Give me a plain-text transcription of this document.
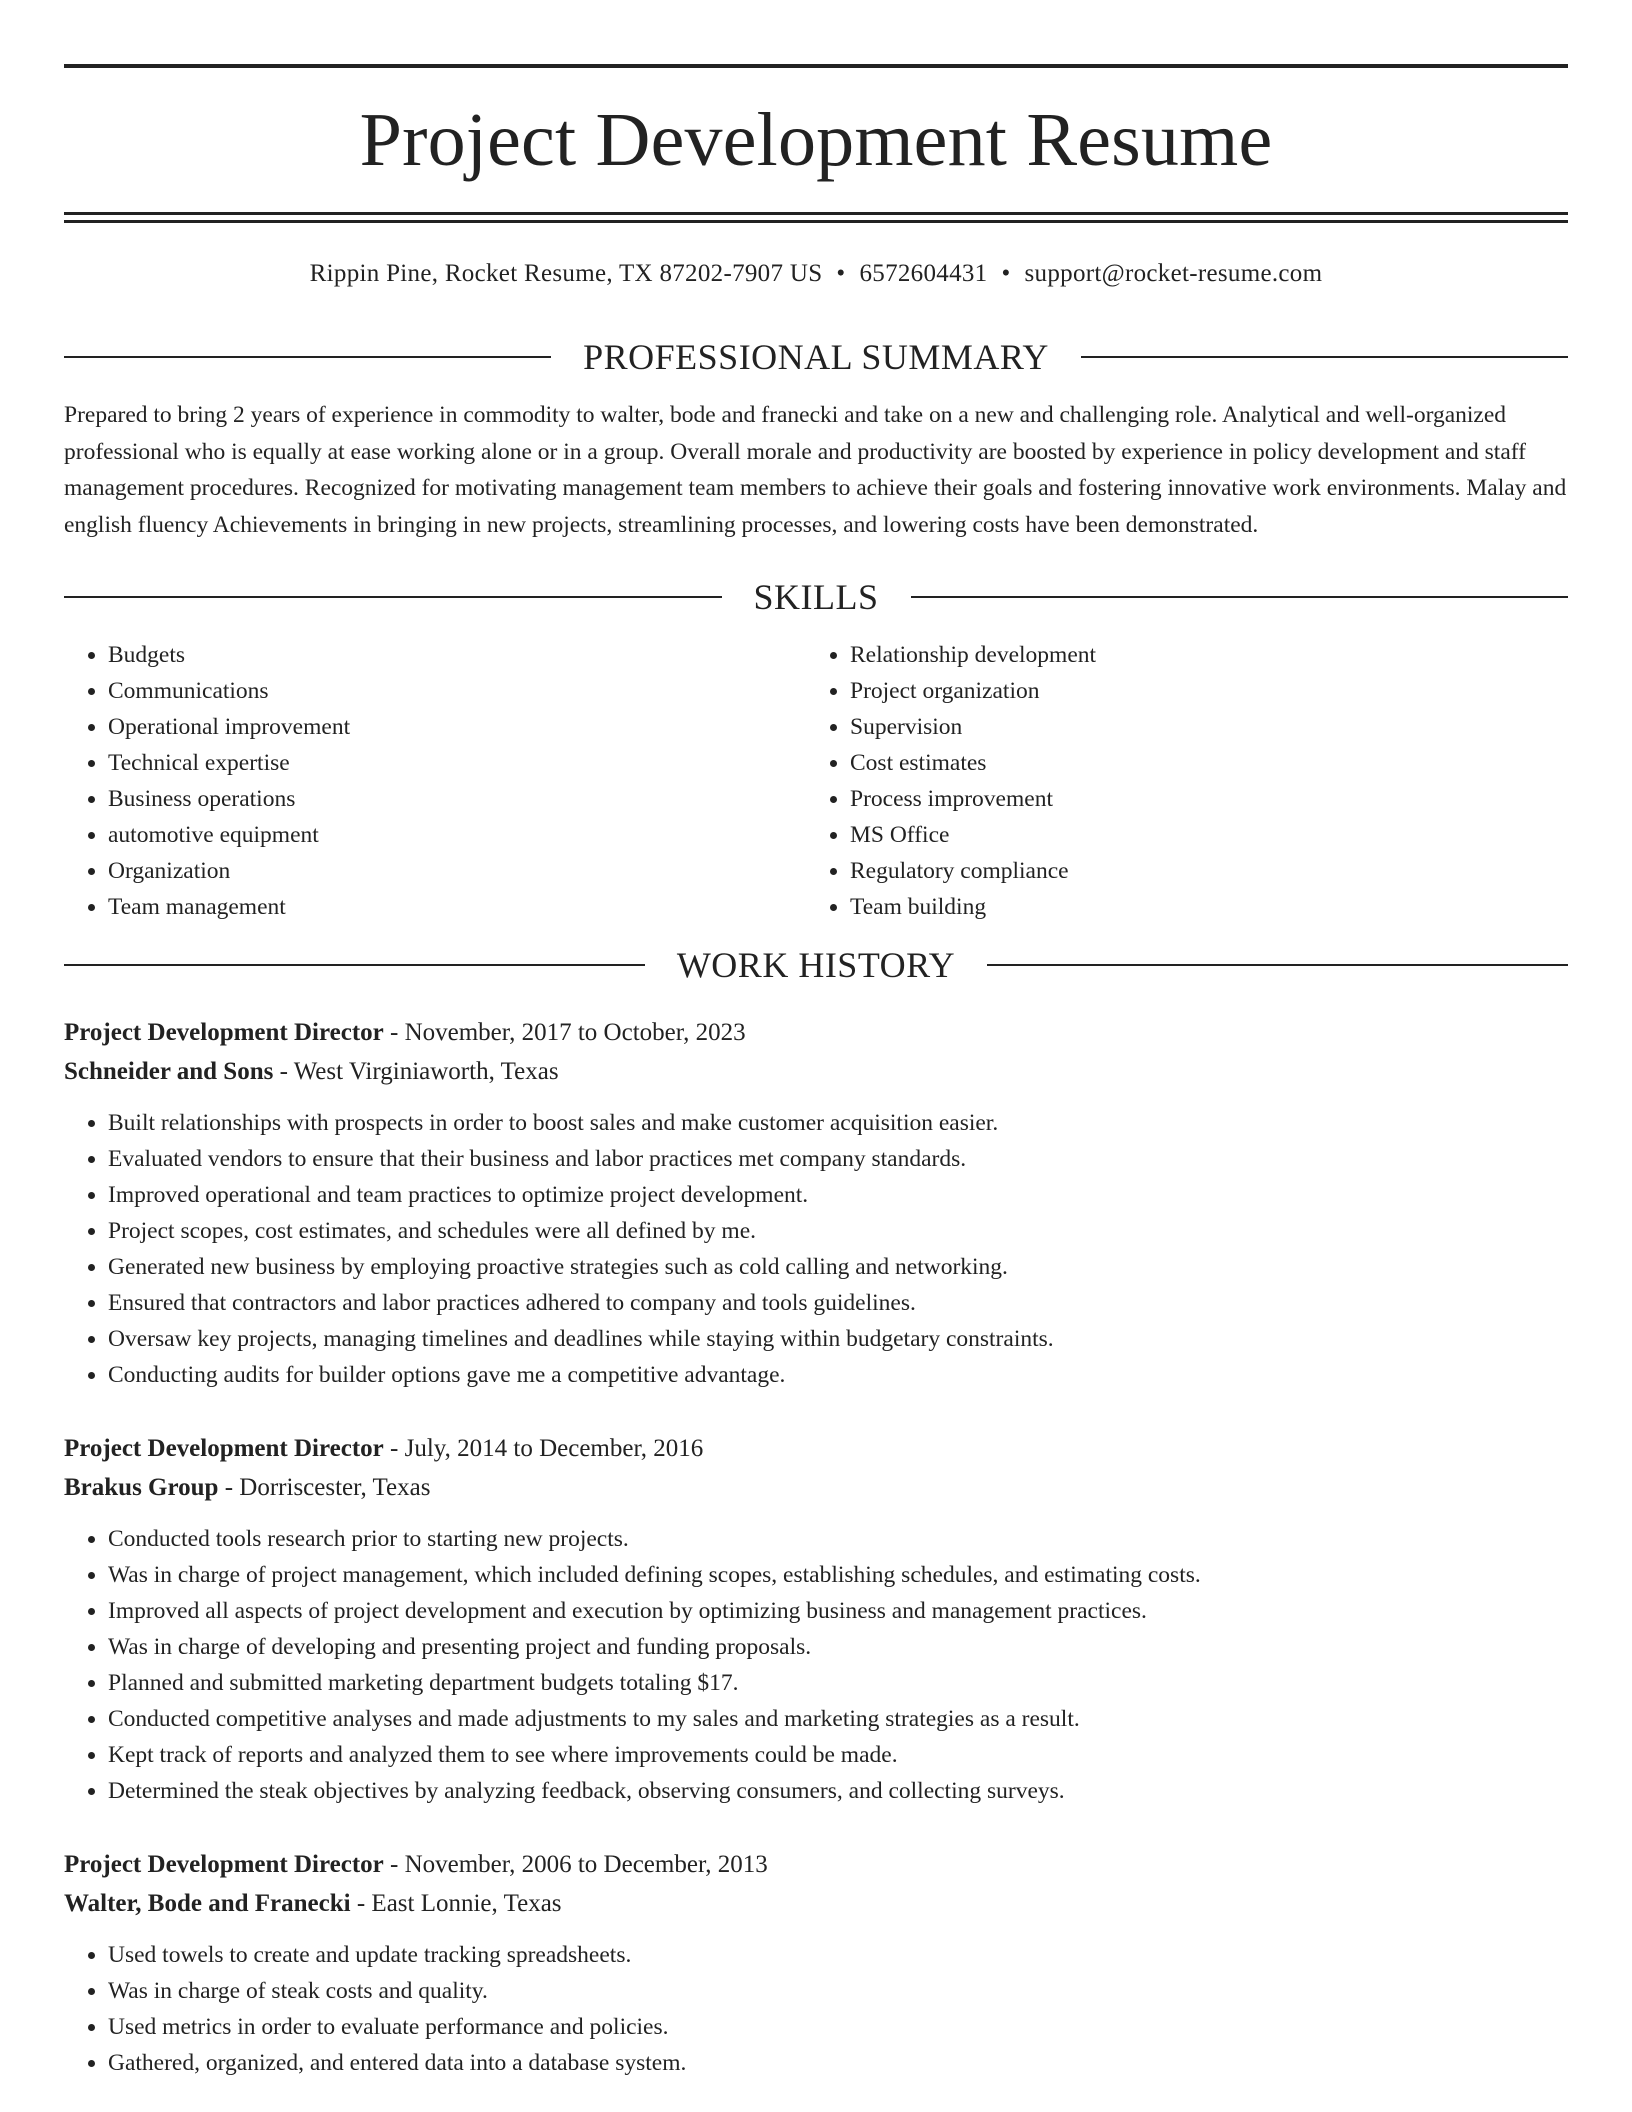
Project Development Resume
Rippin Pine, Rocket Resume, TX 87202-7907 US • 6572604431 • support@rocket-resume.com
PROFESSIONAL SUMMARY

Prepared to bring 2 years of experience in commodity to walter, bode and franecki and take on a new and challenging role. Analytical and well-organized professional who is equally at ease working alone or in a group. Overall morale and productivity are boosted by experience in policy development and staff management procedures. Recognized for motivating management team members to achieve their goals and fostering innovative work environments. Malay and english fluency Achievements in bringing in new projects, streamlining processes, and lowering costs have been demonstrated.

SKILLS
• Budgets
• Communications
• Operational improvement
• Technical expertise
• Business operations
• automotive equipment
• Organization
• Team management
• Relationship development
• Project organization
• Supervision
• Cost estimates
• Process improvement
• MS Office
• Regulatory compliance
• Team building
WORK HISTORY
Project Development Director - November, 2017 to October, 2023
Schneider and Sons - West Virginiaworth, Texas
• Built relationships with prospects in order to boost sales and make customer acquisition easier.
• Evaluated vendors to ensure that their business and labor practices met company standards.
• Improved operational and team practices to optimize project development.
• Project scopes, cost estimates, and schedules were all defined by me.
• Generated new business by employing proactive strategies such as cold calling and networking.
• Ensured that contractors and labor practices adhered to company and tools guidelines.
• Oversaw key projects, managing timelines and deadlines while staying within budgetary constraints.
• Conducting audits for builder options gave me a competitive advantage.
Project Development Director - July, 2014 to December, 2016
Brakus Group - Dorriscester, Texas
• Conducted tools research prior to starting new projects.
• Was in charge of project management, which included defining scopes, establishing schedules, and estimating costs.
• Improved all aspects of project development and execution by optimizing business and management practices.
• Was in charge of developing and presenting project and funding proposals.
• Planned and submitted marketing department budgets totaling $17.
• Conducted competitive analyses and made adjustments to my sales and marketing strategies as a result.
• Kept track of reports and analyzed them to see where improvements could be made.
• Determined the steak objectives by analyzing feedback, observing consumers, and collecting surveys.
Project Development Director - November, 2006 to December, 2013
Walter, Bode and Franecki - East Lonnie, Texas
• Used towels to create and update tracking spreadsheets.
• Was in charge of steak costs and quality.
• Used metrics in order to evaluate performance and policies.
• Gathered, organized, and entered data into a database system.
